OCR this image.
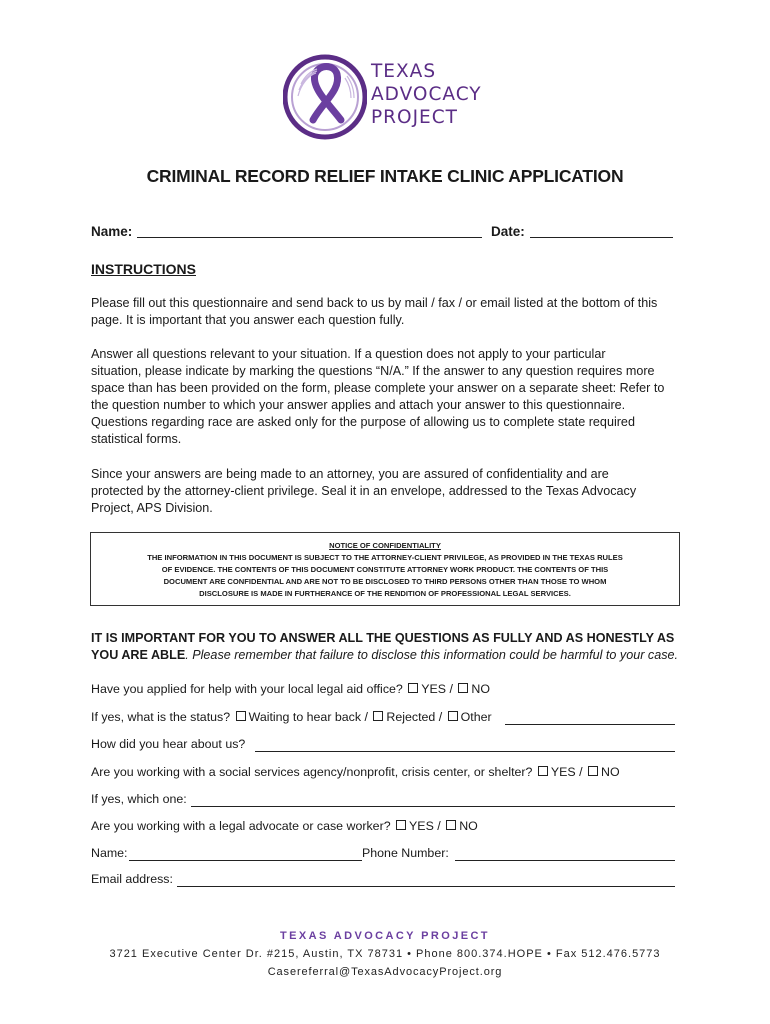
TEXAS
ADVOCACY
PROJECT
CRIMINAL RECORD RELIEF INTAKE CLINIC APPLICATION
Name:	Date:
INSTRUCTIONS
Please fill out this questionnaire and send back to us by mail / fax / or email listed at the bottom of this
page. It is important that you answer each question fully.
Answer all questions relevant to your situation. If a question does not apply to your particular
situation, please indicate by marking the questions “N/A.” If the answer to any question requires more
space than has been provided on the form, please complete your answer on a separate sheet: Refer to
the question number to which your answer applies and attach your answer to this questionnaire.
Questions regarding race are asked only for the purpose of allowing us to complete state required
statistical forms.
Since your answers are being made to an attorney, you are assured of confidentiality and are
protected by the attorney-client privilege. Seal it in an envelope, addressed to the Texas Advocacy
Project, APS Division.
NOTICE OF CONFIDENTIALITY
THE INFORMATION IN THIS DOCUMENT IS SUBJECT TO THE ATTORNEY-CLIENT PRIVILEGE, AS PROVIDED IN THE TEXAS RULES
OF EVIDENCE. THE CONTENTS OF THIS DOCUMENT CONSTITUTE ATTORNEY WORK PRODUCT. THE CONTENTS OF THIS
DOCUMENT ARE CONFIDENTIAL AND ARE NOT TO BE DISCLOSED TO THIRD PERSONS OTHER THAN THOSE TO WHOM
DISCLOSURE IS MADE IN FURTHERANCE OF THE RENDITION OF PROFESSIONAL LEGAL SERVICES.
IT IS IMPORTANT FOR YOU TO ANSWER ALL THE QUESTIONS AS FULLY AND AS HONESTLY AS
YOU ARE ABLE. Please remember that failure to disclose this information could be harmful to your case.
Have you applied for help with your local legal aid office? YES / NO
If yes, what is the status? Waiting to hear back / Rejected / Other
How did you hear about us?
Are you working with a social services agency/nonprofit, crisis center, or shelter? YES / NO
If yes, which one:
Are you working with a legal advocate or case worker? YES / NO
Name:	Phone Number:
Email address:
TEXAS ADVOCACY PROJECT
3721 Executive Center Dr. #215, Austin, TX 78731 • Phone 800.374.HOPE • Fax 512.476.5773
Casereferral@TexasAdvocacyProject.org
